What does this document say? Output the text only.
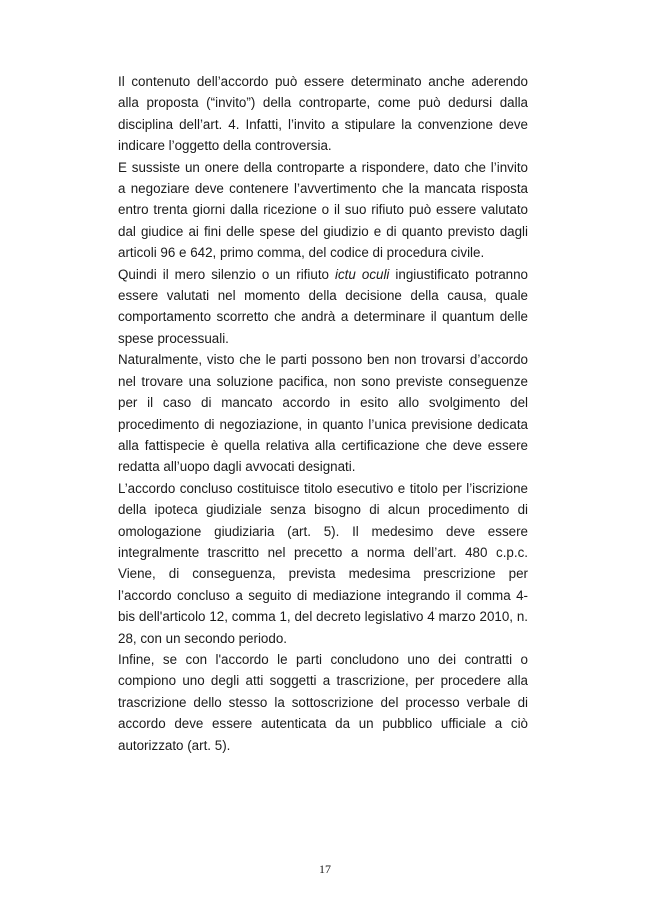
Il contenuto dell’accordo può essere determinato anche aderendo alla proposta (“invito”) della controparte, come può dedursi dalla disciplina dell’art. 4. Infatti, l’invito a stipulare la convenzione deve indicare l’oggetto della controversia.

E sussiste un onere della controparte a rispondere, dato che l’invito a negoziare deve contenere l’avvertimento che la mancata risposta entro trenta giorni dalla ricezione o il suo rifiuto può essere valutato dal giudice ai fini delle spese del giudizio e di quanto previsto dagli articoli 96 e 642, primo comma, del codice di procedura civile.

Quindi il mero silenzio o un rifiuto ictu oculi ingiustificato potranno essere valutati nel momento della decisione della causa, quale comportamento scorretto che andrà a determinare il quantum delle spese processuali.

Naturalmente, visto che le parti possono ben non trovarsi d’accordo nel trovare una soluzione pacifica, non sono previste conseguenze per il caso di mancato accordo in esito allo svolgimento del procedimento di negoziazione, in quanto l’unica previsione dedicata alla fattispecie è quella relativa alla certificazione che deve essere redatta all’uopo dagli avvocati designati.

L’accordo concluso costituisce titolo esecutivo e titolo per l’iscrizione della ipoteca giudiziale senza bisogno di alcun procedimento di omologazione giudiziaria (art. 5). Il medesimo deve essere integralmente trascritto nel precetto a norma dell’art. 480 c.p.c. Viene, di conseguenza, prevista medesima prescrizione per l’accordo concluso a seguito di mediazione integrando il comma 4-bis dell'articolo 12, comma 1, del decreto legislativo 4 marzo 2010, n. 28, con un secondo periodo.

Infine, se con l'accordo le parti concludono uno dei contratti o compiono uno degli atti soggetti a trascrizione, per procedere alla trascrizione dello stesso la sottoscrizione del processo verbale di accordo deve essere autenticata da un pubblico ufficiale a ciò autorizzato (art. 5).

17
